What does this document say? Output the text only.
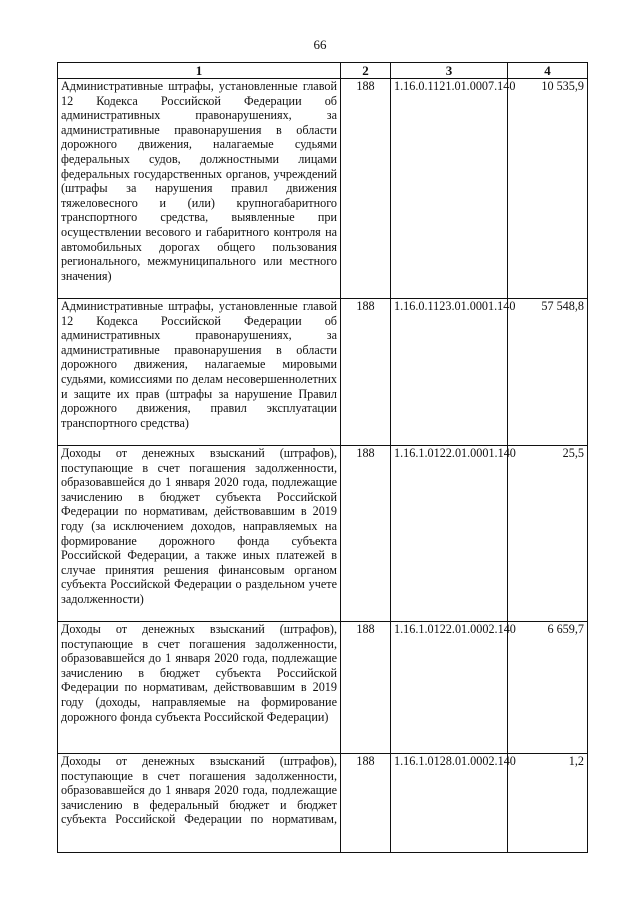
66
1	2	3	4
Административные штрафы, установленные главой 12 Кодекса Российской Федерации об административных правонарушениях, за административные правонарушения в области дорожного движения, налагаемые судьями федеральных судов, должностными лицами федеральных государственных органов, учреждений (штрафы за нарушения правил движения тяжеловесного и (или) крупногабаритного транспортного средства, выявленные при осуществлении весового и габаритного контроля на автомобильных дорогах общего пользования регионального, межмуниципального или местного значения)	188	1.16.0.1121.01.0007.140	10 535,9
Административные штрафы, установленные главой 12 Кодекса Российской Федерации об административных правонарушениях, за административные правонарушения в области дорожного движения, налагаемые мировыми судьями, комиссиями по делам несовершеннолетних и защите их прав (штрафы за нарушение Правил дорожного движения, правил эксплуатации транспортного средства)	188	1.16.0.1123.01.0001.140	57 548,8
Доходы от денежных взысканий (штрафов), поступающие в счет погашения задолженности, образовавшейся до 1 января 2020 года, подлежащие зачислению в бюджет субъекта Российской Федерации по нормативам, действовавшим в 2019 году (за исключением доходов, направляемых на формирование дорожного фонда субъекта Российской Федерации, а также иных платежей в случае принятия решения финансовым органом субъекта Российской Федерации о раздельном учете задолженности)	188	1.16.1.0122.01.0001.140	25,5
Доходы от денежных взысканий (штрафов), поступающие в счет погашения задолженности, образовавшейся до 1 января 2020 года, подлежащие зачислению в бюджет субъекта Российской Федерации по нормативам, действовавшим в 2019 году (доходы, направляемые на формирование дорожного фонда субъекта Российской Федерации)	188	1.16.1.0122.01.0002.140	6 659,7
Доходы от денежных взысканий (штрафов), поступающие в счет погашения задолженности, образовавшейся до 1 января 2020 года, подлежащие зачислению в федеральный бюджет и бюджет субъекта Российской Федерации по нормативам,	188	1.16.1.0128.01.0002.140	1,2
